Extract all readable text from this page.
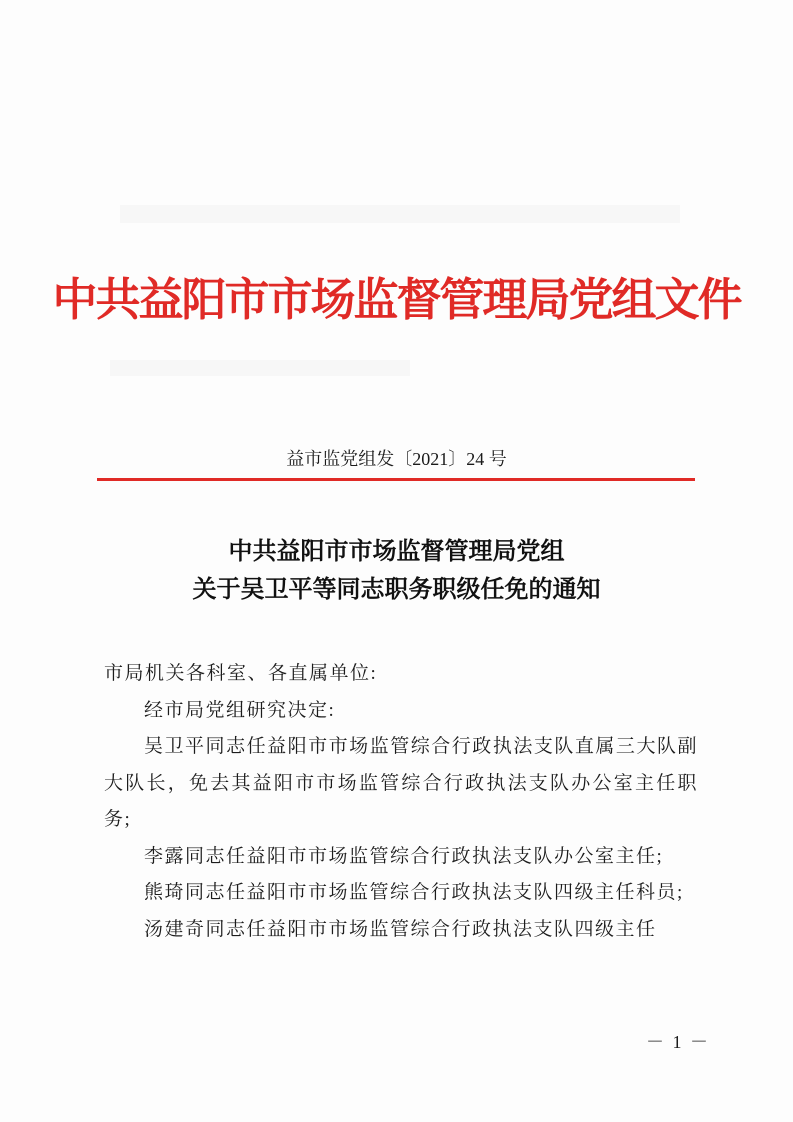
中共益阳市市场监督管理局党组文件
益市监党组发〔2021〕24 号
中共益阳市市场监督管理局党组
关于吴卫平等同志职务职级任免的通知

市局机关各科室、各直属单位:

经市局党组研究决定:

吴卫平同志任益阳市市场监管综合行政执法支队直属三大队副大队长，免去其益阳市市场监管综合行政执法支队办公室主任职务;

李露同志任益阳市市场监管综合行政执法支队办公室主任;

熊琦同志任益阳市市场监管综合行政执法支队四级主任科员;

汤建奇同志任益阳市市场监管综合行政执法支队四级主任

－ 1 －
